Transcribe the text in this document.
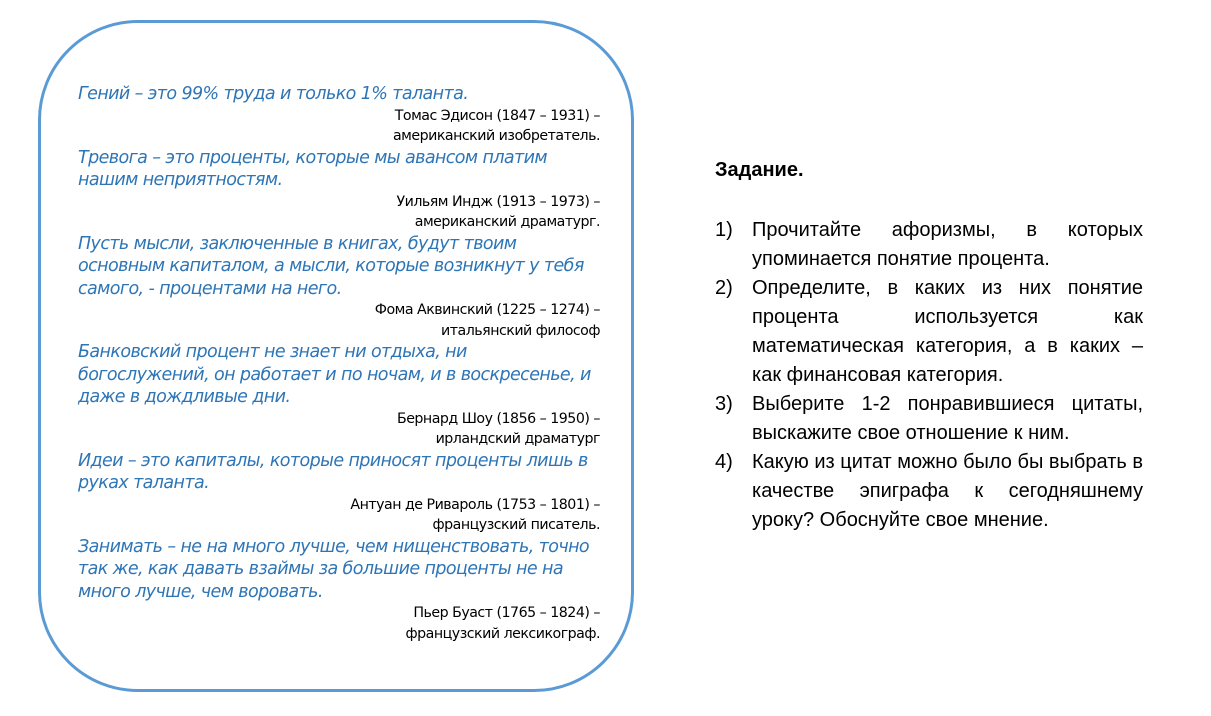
Гений – это 99% труда и только 1% таланта.
Томас Эдисон (1847 – 1931) –
американский изобретатель.
Тревога – это проценты, которые мы авансом платим нашим неприятностям.
Уильям Индж (1913 – 1973) –
американский драматург.
Пусть мысли, заключенные в книгах, будут твоим основным капиталом, а мысли, которые возникнут у тебя самого, - процентами на него.
Фома Аквинский (1225 – 1274) –
итальянский философ
Банковский процент не знает ни отдыха, ни богослужений, он работает и по ночам, и в воскресенье, и даже в дождливые дни.
Бернард Шоу (1856 – 1950) –
ирландский драматург
Идеи – это капиталы, которые приносят проценты лишь в руках таланта.
Антуан де Ривароль (1753 – 1801) –
французский писатель.
Занимать – не на много лучше, чем нищенствовать, точно так же, как давать взаймы за большие проценты не на много лучше, чем воровать.
Пьер Буаст (1765 – 1824) –
французский лексикограф.
Задание.
1) Прочитайте афоризмы, в которых упоминается понятие процента.
2) Определите, в каких из них понятие процента используется как математическая категория, а в каких – как финансовая категория.
3) Выберите 1-2 понравившиеся цитаты, выскажите свое отношение к ним.
4) Какую из цитат можно было бы выбрать в качестве эпиграфа к сегодняшнему уроку? Обоснуйте свое мнение.
